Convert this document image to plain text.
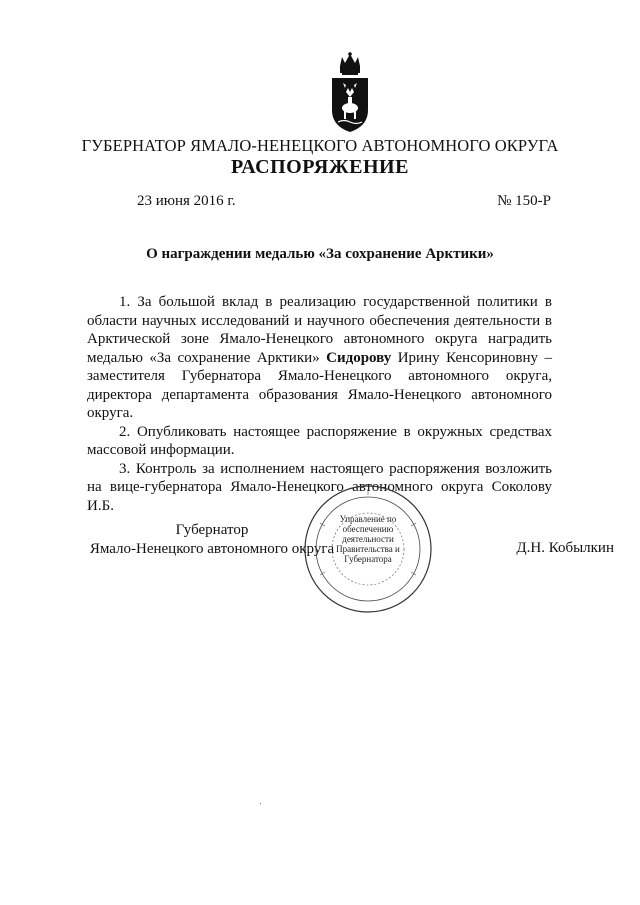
ГУБЕРНАТОР ЯМАЛО-НЕНЕЦКОГО АВТОНОМНОГО ОКРУГА
РАСПОРЯЖЕНИЕ
23 июня 2016 г.	№ 150-Р
О награждении медалью «За сохранение Арктики»

1. За большой вклад в реализацию государственной политики в области научных исследований и научного обеспечения деятельности в Арктической зоне Ямало-Ненецкого автономного округа наградить медалью «За сохранение Арктики» Сидорову Ирину Кенсориновну – заместителя Губернатора Ямало-Ненецкого автономного округа, директора департамента образования Ямало-Ненецкого автономного округа.

2. Опубликовать настоящее распоряжение в окружных средствах массовой информации.

3. Контроль за исполнением настоящего распоряжения возложить на вице-губернатора Ямало-Ненецкого автономного округа Соколову И.Б.

Губернатор
Ямало-Ненецкого автономного округа	Д.Н. Кобылкин
Управление по обеспечению деятельности Правительства и Губернатора
